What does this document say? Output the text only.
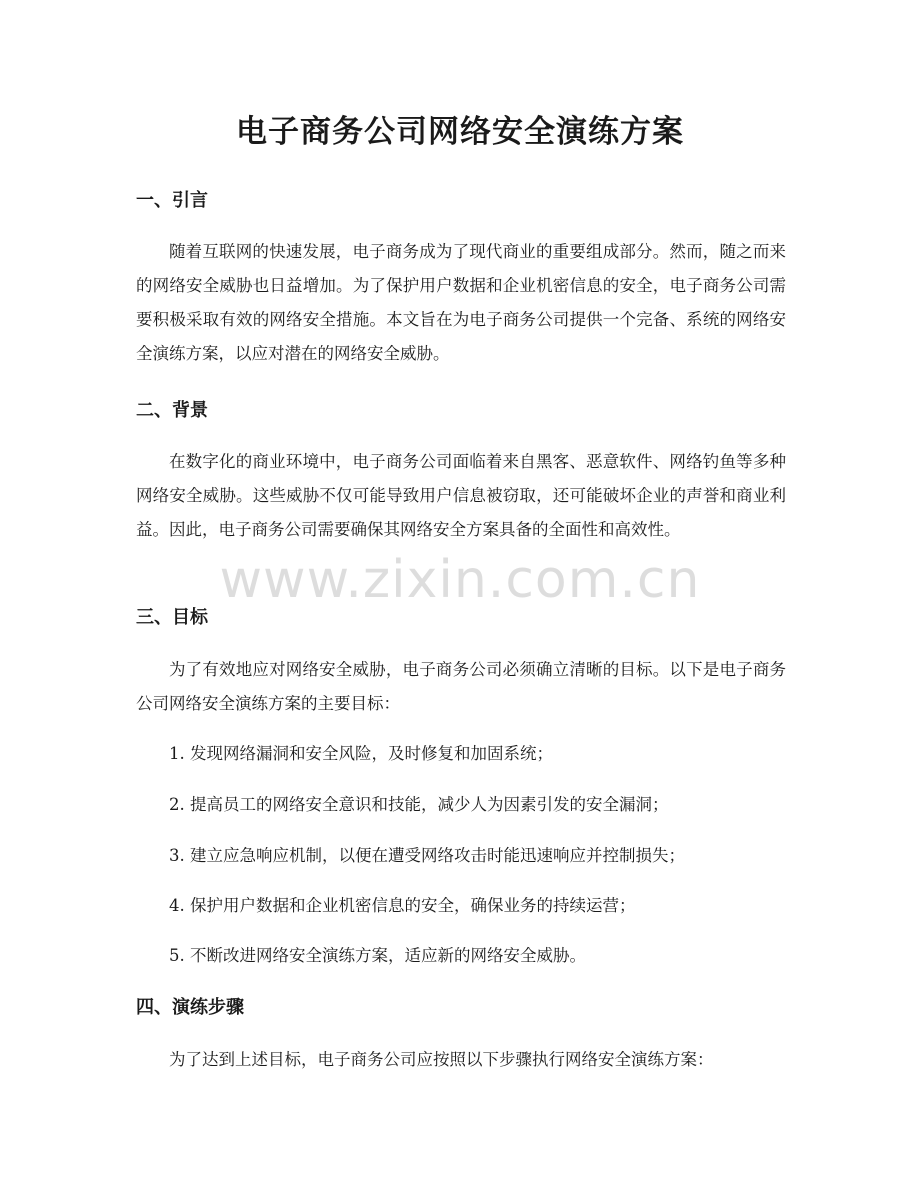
电子商务公司网络安全演练方案
一、引言

随着互联网的快速发展，电子商务成为了现代商业的重要组成部分。然而，随之而来的网络安全威胁也日益增加。为了保护用户数据和企业机密信息的安全，电子商务公司需要积极采取有效的网络安全措施。本文旨在为电子商务公司提供一个完备、系统的网络安全演练方案，以应对潜在的网络安全威胁。

二、背景

在数字化的商业环境中，电子商务公司面临着来自黑客、恶意软件、网络钓鱼等多种网络安全威胁。这些威胁不仅可能导致用户信息被窃取，还可能破坏企业的声誉和商业利益。因此，电子商务公司需要确保其网络安全方案具备的全面性和高效性。

三、目标

为了有效地应对网络安全威胁，电子商务公司必须确立清晰的目标。以下是电子商务公司网络安全演练方案的主要目标：

1. 发现网络漏洞和安全风险，及时修复和加固系统；

2. 提高员工的网络安全意识和技能，减少人为因素引发的安全漏洞；

3. 建立应急响应机制，以便在遭受网络攻击时能迅速响应并控制损失；

4. 保护用户数据和企业机密信息的安全，确保业务的持续运营；

5. 不断改进网络安全演练方案，适应新的网络安全威胁。

四、演练步骤

为了达到上述目标，电子商务公司应按照以下步骤执行网络安全演练方案：

www.zixin.com.cn
